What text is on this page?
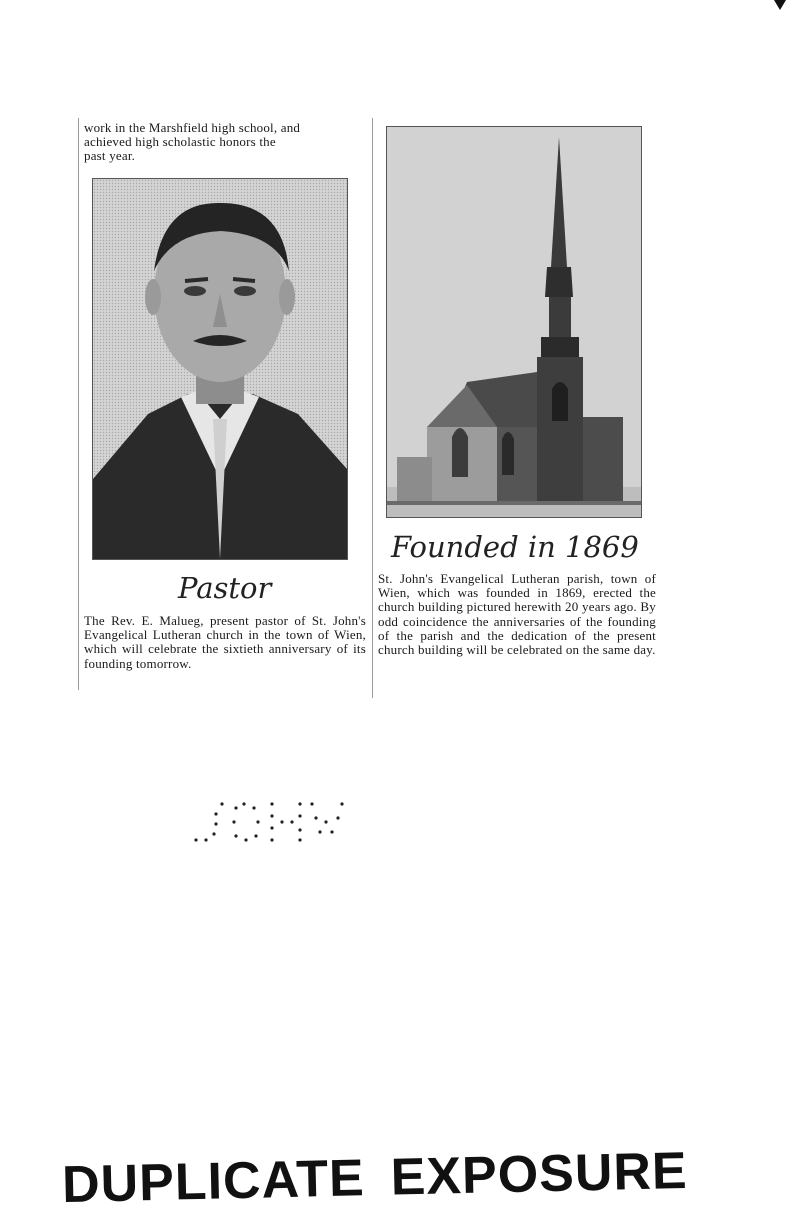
work in the Marshfield high school, and

achieved high scholastic honors the

past year.

Pastor

The Rev. E. Malueg, present pastor of St. John's Evangelical Lutheran church in the town of Wien, which will celebrate the sixtieth anniversary of its founding tomorrow.

Founded in 1869

St. John's Evangelical Lutheran parish, town of Wien, which was founded in 1869, erected the church building pictured herewith 20 years ago. By odd coincidence the anniversaries of the founding of the parish and the dedication of the present church building will be celebrated on the same day.

DUPLICATE EXPOSURE
